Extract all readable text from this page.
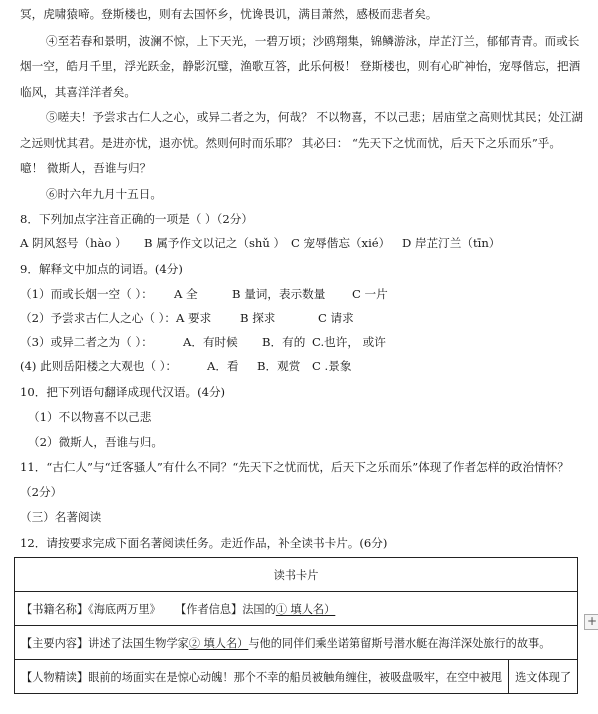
冥，虎啸猿啼。登斯楼也，则有去国怀乡，忧谗畏讥，满目萧然，感极而悲者矣。
④至若春和景明，波澜不惊，上下天光，一碧万顷；沙鸥翔集，锦鳞游泳，岸芷汀兰，郁郁青青。而或长
烟一空，皓月千里，浮光跃金，静影沉璧，渔歌互答，此乐何极！ 登斯楼也，则有心旷神怡，宠辱偕忘，把酒
临风，其喜洋洋者矣。
⑤嗟夫！予尝求古仁人之心，或异二者之为，何哉？ 不以物喜，不以己悲；居庙堂之高则忧其民；处江湖
之远则忧其君。是进亦忧，退亦忧。然则何时而乐耶？ 其必曰： “先天下之忧而忧，后天下之乐而乐”乎。
噫！ 微斯人，吾谁与归？
⑥时六年九月十五日。
8．下列加点字注音正确的一项是（ ）（2分）
A 阴风怒号（hào ） B 属予作文以记之（shǔ ） C 宠辱偕忘（xié） D 岸芷汀兰（tīn）
9．解释文中加点的词语。(4分)
（1）而或长烟一空（ ）： A 全	B 量词，表示数量 C 一片
（2）予尝求古仁人之心（ ）：A 要求 B 探求	C 请求
（3）或异二者之为（ ）：	A．有时候 B．有的 C.也许， 或许
(4) 此则岳阳楼之大观也（ ）：	A．看 B．观赏 C .景象
10．把下列语句翻译成现代汉语。(4分)
（1）不以物喜不以己悲
（2）微斯人，吾谁与归。
11．“古仁人”与“迁客骚人”有什么不同？“先天下之忧而忧，后天下之乐而乐”体现了作者怎样的政治情怀？
（2分）
（三）名著阅读
12．请按要求完成下面名著阅读任务。走近作品，补全读书卡片。(6分)
读书卡片
【书籍名称】《海底两万里》 【作者信息】法国的① 填人名）
【主要内容】讲述了法国生物学家② 填人名）与他的同伴们乘坐诺第留斯号潜水艇在海洋深处旅行的故事。
【人物精读】眼前的场面实在是惊心动魄！那个不幸的船员被触角缠住，被吸盘吸牢，在空中被甩	选文体现了
+
